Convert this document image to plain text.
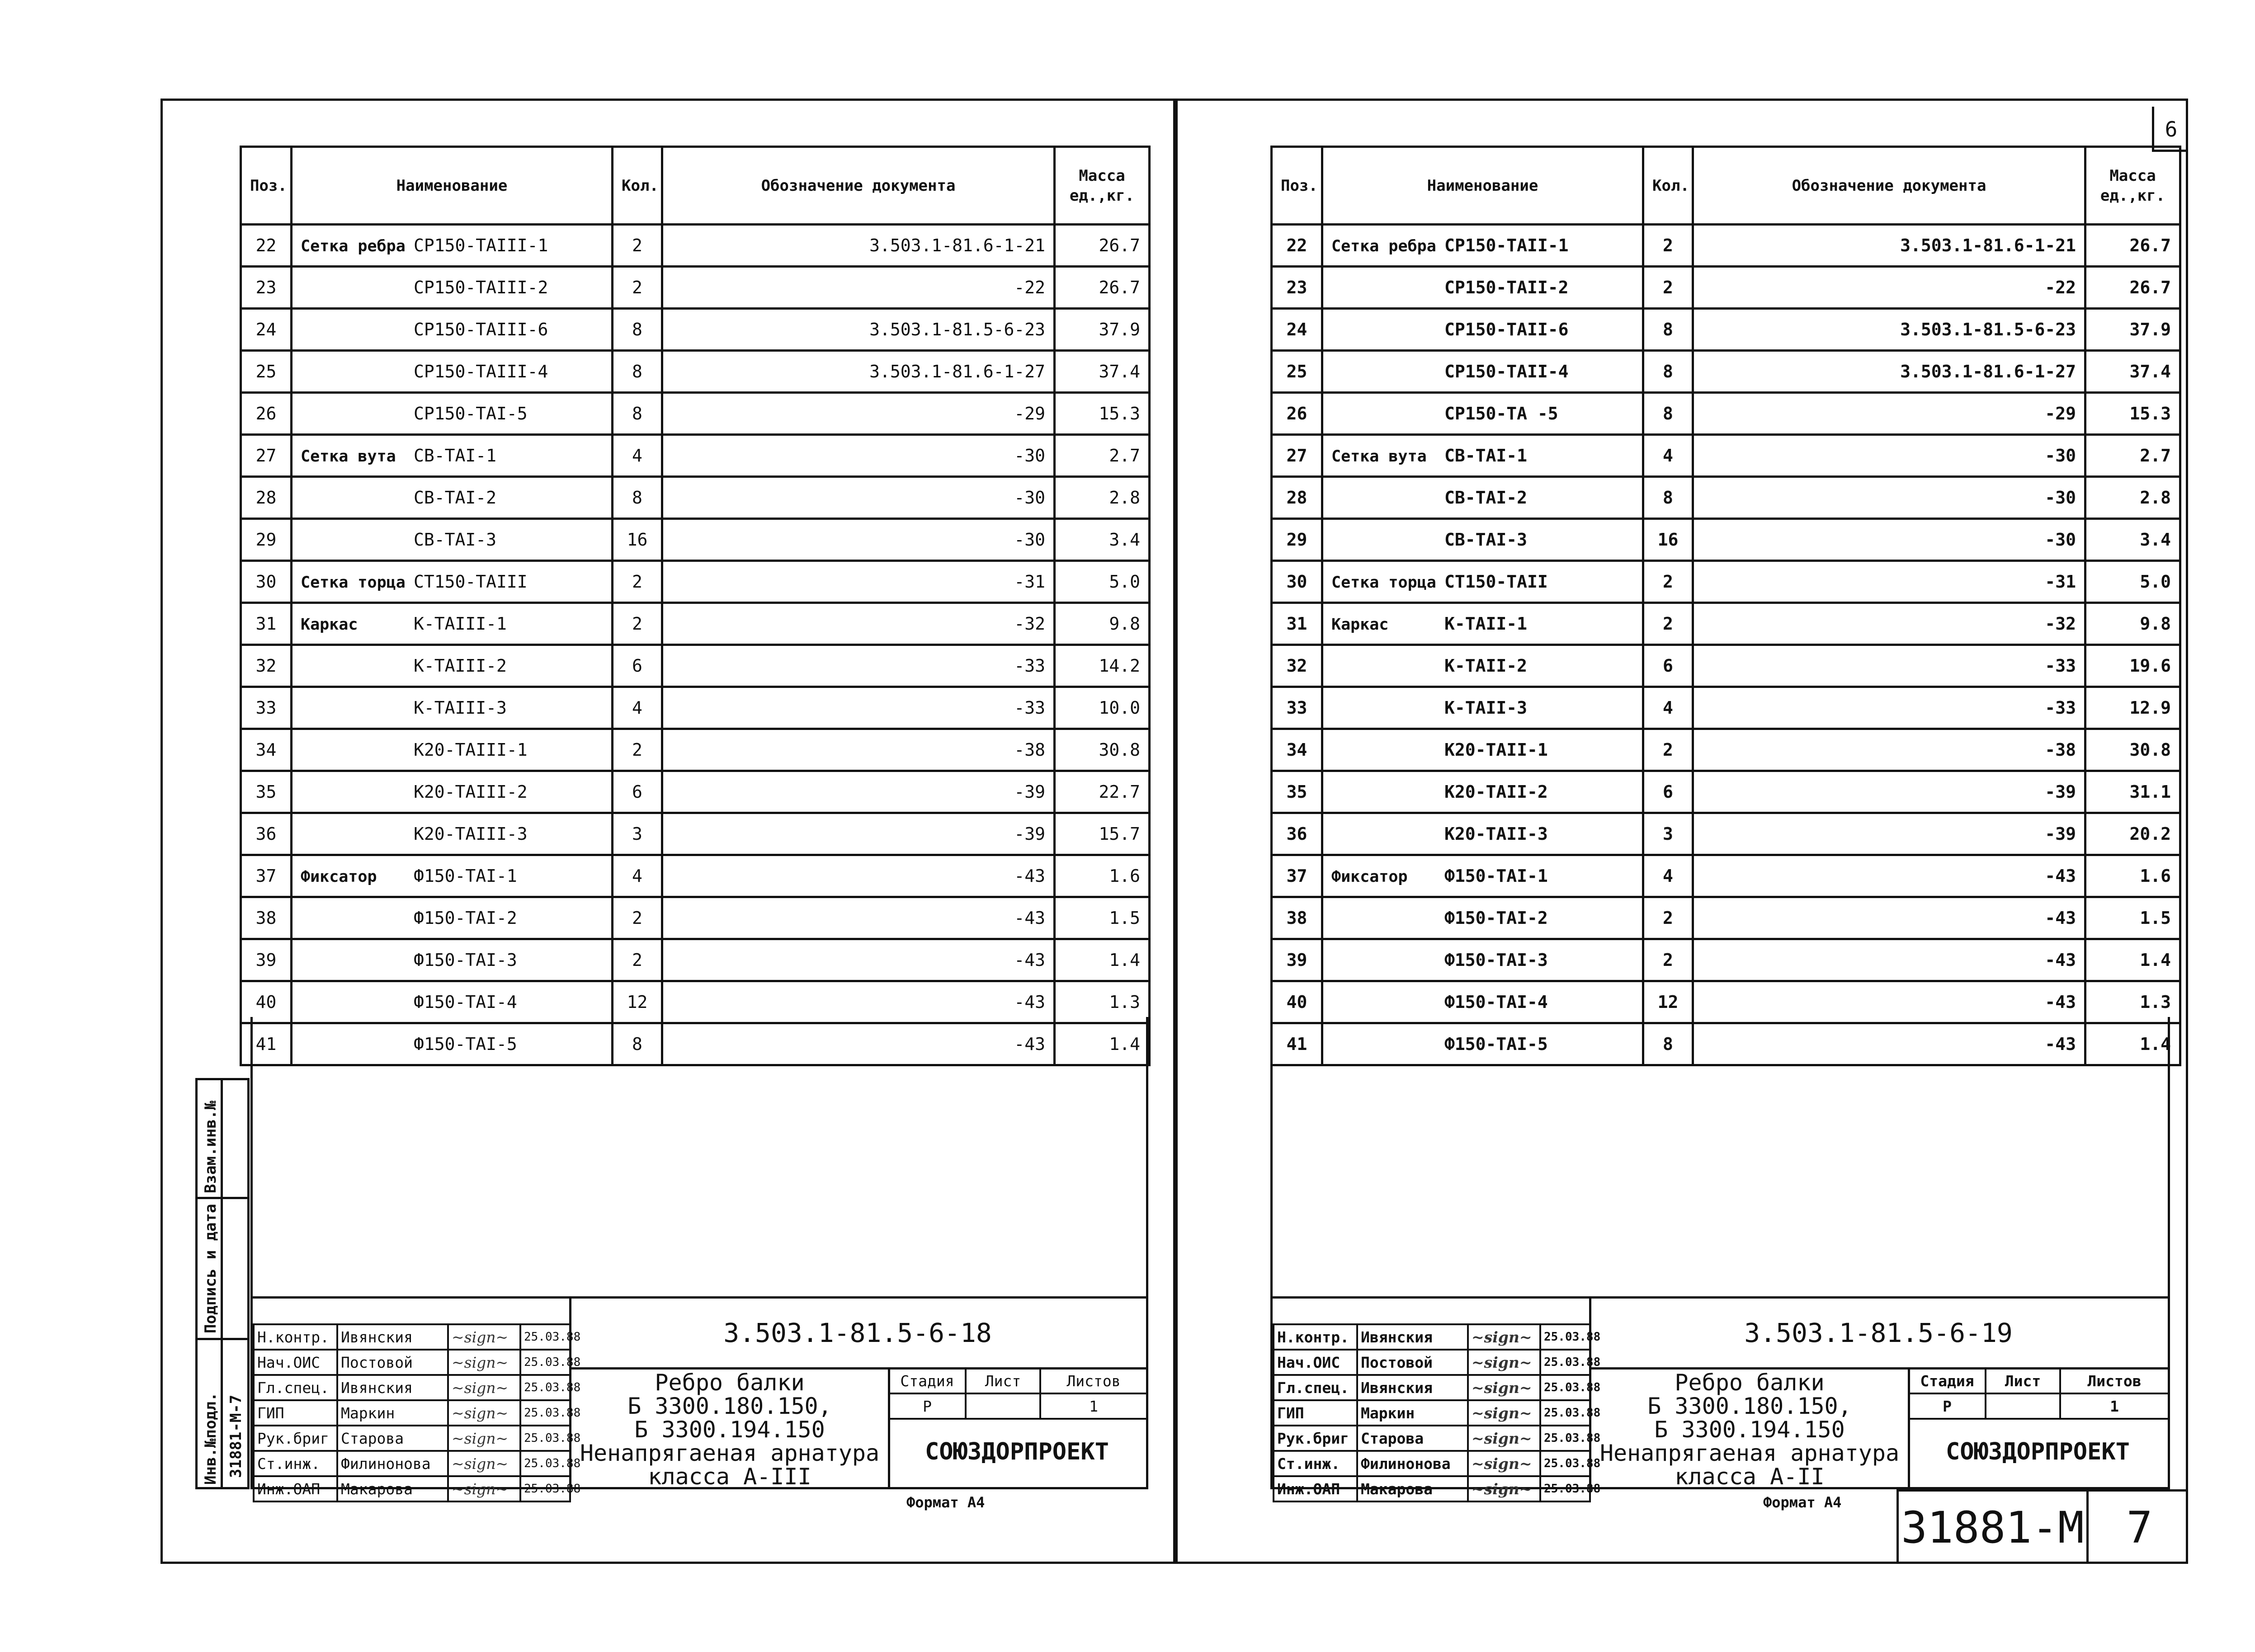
Поз.	Наименование	Кол.	Обозначение документа	Масса ед.,кг.
22	Сетка ребра СР150-ТАIII-1	2	3.503.1-81.6-1-21	26.7
23	СР150-ТАIII-2	2	-22	26.7
24	СР150-ТАIII-6	8	3.503.1-81.5-6-23	37.9
25	СР150-ТАIII-4	8	3.503.1-81.6-1-27	37.4
26	СР150-ТАI-5	8	-29	15.3
27	Сетка вута СВ-ТАI-1	4	-30	2.7
28	СВ-ТАI-2	8	-30	2.8
29	СВ-ТАI-3	16	-30	3.4
30	Сетка торца СТ150-ТАIII	2	-31	5.0
31	Каркас К-ТАIII-1	2	-32	9.8
32	К-ТАIII-2	6	-33	14.2
33	К-ТАIII-3	4	-33	10.0
34	К20-ТАIII-1	2	-38	30.8
35	К20-ТАIII-2	6	-39	22.7
36	К20-ТАIII-3	3	-39	15.7
37	Фиксатор Ф150-ТАI-1	4	-43	1.6
38	Ф150-ТАI-2	2	-43	1.5
39	Ф150-ТАI-3	2	-43	1.4
40	Ф150-ТАI-4	12	-43	1.3
41	Ф150-ТАI-5	8	-43	1.4
Взам.инв.№
Подпись и дата
Инв.№подл. 31881-М-7
Н.контр.	Ивянския	~sign~	25.03.88
Нач.ОИС	Постовой	~sign~	25.03.88
Гл.спец.	Ивянския	~sign~	25.03.88
ГИП	Маркин	~sign~	25.03.88
Рук.бриг	Старова	~sign~	25.03.88
Ст.инж.	Филинонова	~sign~	25.03.88
Инж.ОАП	Макарова	~sign~	25.03.88
3.503.1-81.5-6-18
Ребро балки
Б 3300.180.150,
Б 3300.194.150
Ненапрягаеная арнатура
класса А-III
Стадия	Лист	Листов
Р		1
СОЮЗДОРПРОЕКТ
Формат А4
6
Поз.	Наименование	Кол.	Обозначение документа	Масса ед.,кг.
22	Сетка ребра СР150-ТАII-1	2	3.503.1-81.6-1-21	26.7
23	СР150-ТАII-2	2	-22	26.7
24	СР150-ТАII-6	8	3.503.1-81.5-6-23	37.9
25	СР150-ТАII-4	8	3.503.1-81.6-1-27	37.4
26	СР150-ТА -5	8	-29	15.3
27	Сетка вута СВ-ТАI-1	4	-30	2.7
28	СВ-ТАI-2	8	-30	2.8
29	СВ-ТАI-3	16	-30	3.4
30	Сетка торца СТ150-ТАII	2	-31	5.0
31	Каркас К-ТАII-1	2	-32	9.8
32	К-ТАII-2	6	-33	19.6
33	К-ТАII-3	4	-33	12.9
34	К20-ТАII-1	2	-38	30.8
35	К20-ТАII-2	6	-39	31.1
36	К20-ТАII-3	3	-39	20.2
37	Фиксатор Ф150-ТАI-1	4	-43	1.6
38	Ф150-ТАI-2	2	-43	1.5
39	Ф150-ТАI-3	2	-43	1.4
40	Ф150-ТАI-4	12	-43	1.3
41	Ф150-ТАI-5	8	-43	1.4
Н.контр.	Ивянския	~sign~	25.03.88
Нач.ОИС	Постовой	~sign~	25.03.88
Гл.спец.	Ивянския	~sign~	25.03.88
ГИП	Маркин	~sign~	25.03.88
Рук.бриг	Старова	~sign~	25.03.88
Ст.инж.	Филинонова	~sign~	25.03.88
Инж.ОАП	Макарова	~sign~	25.03.88
3.503.1-81.5-6-19
Ребро балки
Б 3300.180.150,
Б 3300.194.150
Ненапрягаеная арнатура
класса А-II
Стадия	Лист	Листов
Р		1
СОЮЗДОРПРОЕКТ
Формат А4 31881-М 7
